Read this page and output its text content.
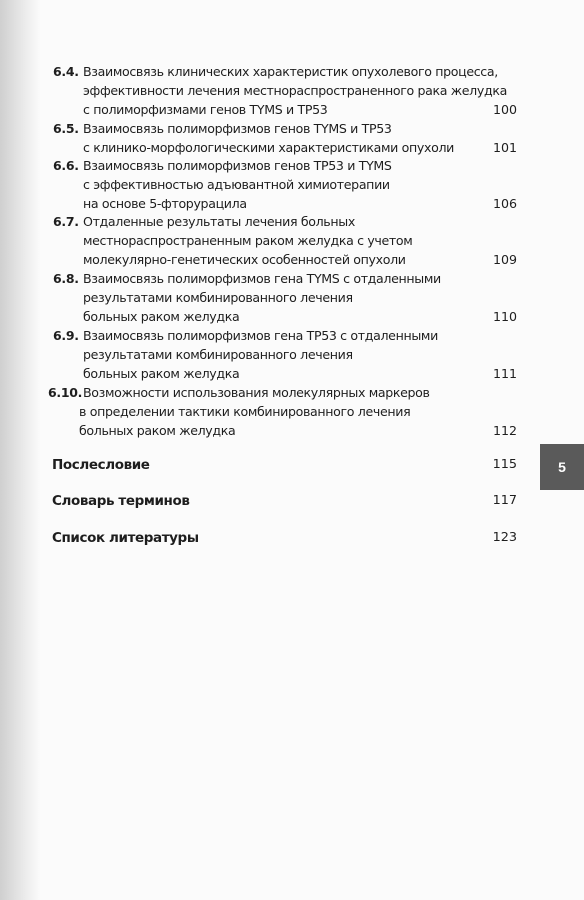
6.4. Взаимосвязь клинических характеристик опухолевого процесса,
эффективности лечения местнораспространенного рака желудка
с полиморфизмами генов TYMS и TP53	100
6.5. Взаимосвязь полиморфизмов генов TYMS и TP53
с клинико-морфологическими характеристиками опухоли	101
6.6. Взаимосвязь полиморфизмов генов TP53 и TYMS
с эффективностью адъювантной химиотерапии
на основе 5-фторурацила	106
6.7. Отдаленные результаты лечения больных
местнораспространенным раком желудка с учетом
молекулярно-генетических особенностей опухоли	109
6.8. Взаимосвязь полиморфизмов гена TYMS с отдаленными
результатами комбинированного лечения
больных раком желудка	110
6.9. Взаимосвязь полиморфизмов гена TP53 с отдаленными
результатами комбинированного лечения
больных раком желудка	111
6.10. Возможности использования молекулярных маркеров
в определении тактики комбинированного лечения
больных раком желудка	112
Послесловие	115
Словарь терминов	117
Список литературы	123
5
